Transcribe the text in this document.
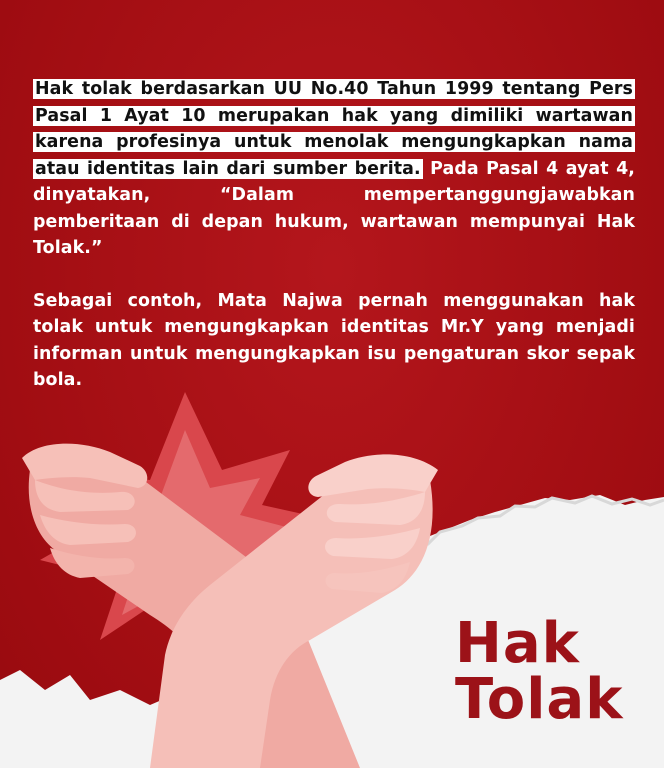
Hak tolak berdasarkan UU No.40 Tahun 1999 tentang Pers Pasal 1 Ayat 10 merupakan hak yang dimiliki wartawan karena profesinya untuk menolak mengungkapkan nama atau identitas lain dari sumber berita. Pada Pasal 4 ayat 4, dinyatakan, “Dalam mempertanggungjawabkan pemberitaan di depan hukum, wartawan mempunyai Hak Tolak.”

Sebagai contoh, Mata Najwa pernah menggunakan hak tolak untuk mengungkapkan identitas Mr.Y yang menjadi informan untuk mengungkapkan isu pengaturan skor sepak bola.

Hak
Tolak
